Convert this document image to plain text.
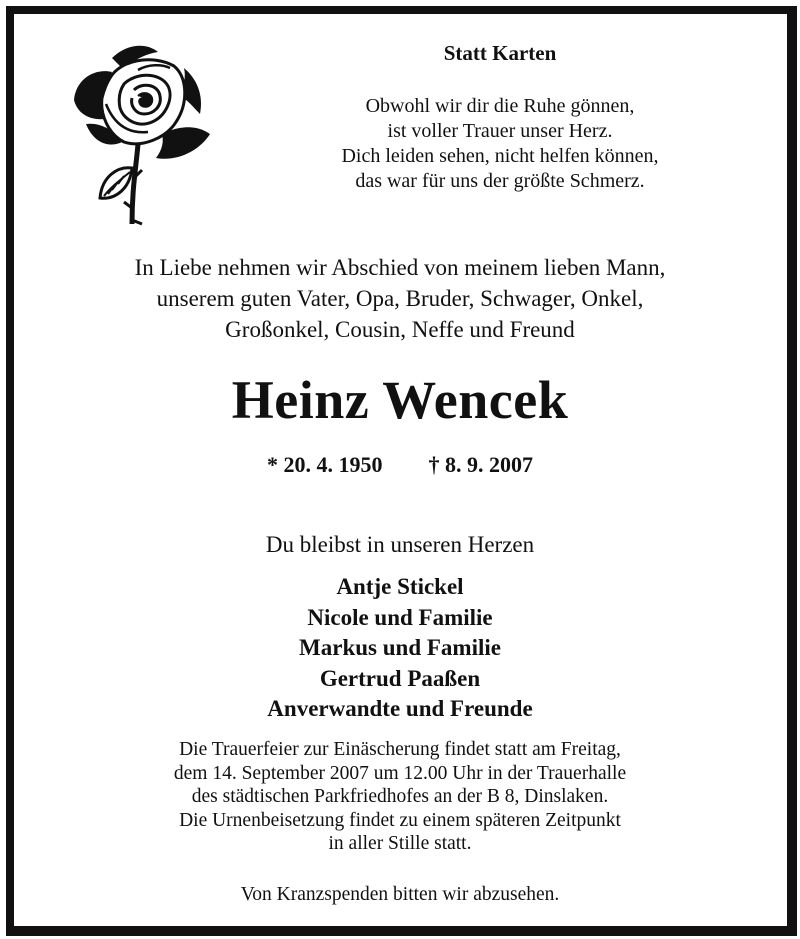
Statt Karten
Obwohl wir dir die Ruhe gönnen,
ist voller Trauer unser Herz.
Dich leiden sehen, nicht helfen können,
das war für uns der größte Schmerz.
In Liebe nehmen wir Abschied von meinem lieben Mann,
unserem guten Vater, Opa, Bruder, Schwager, Onkel,
Großonkel, Cousin, Neffe und Freund
Heinz Wencek
* 20. 4. 1950 † 8. 9. 2007
Du bleibst in unseren Herzen
Antje Stickel
Nicole und Familie
Markus und Familie
Gertrud Paaßen
Anverwandte und Freunde
Die Trauerfeier zur Einäscherung findet statt am Freitag,
dem 14. September 2007 um 12.00 Uhr in der Trauerhalle
des städtischen Parkfriedhofes an der B 8, Dinslaken.
Die Urnenbeisetzung findet zu einem späteren Zeitpunkt
in aller Stille statt.
Von Kranzspenden bitten wir abzusehen.
